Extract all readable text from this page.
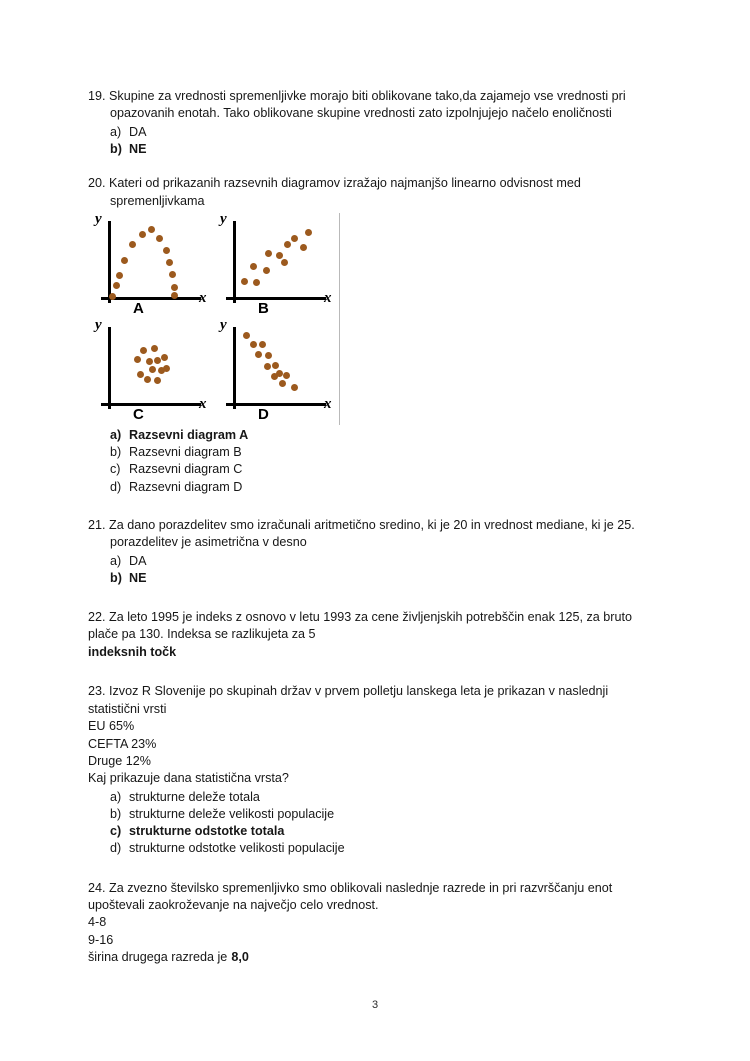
19. Skupine za vrednosti spremenljivke morajo biti oblikovane tako,da zajamejo vse vrednosti pri opazovanih enotah. Tako oblikovane skupine vrednosti zato izpolnjujejo načelo enoličnosti
a) DA
b) NE
20. Kateri od prikazanih razsevnih diagramov izražajo najmanjšo linearno odvisnost med spremenljivkama
y
x
A
y
x
B
y
x
C
y
x
D
a) Razsevni diagram A
b) Razsevni diagram B
c) Razsevni diagram C
d) Razsevni diagram D
21. Za dano porazdelitev smo izračunali aritmetično sredino, ki je 20 in vrednost mediane, ki je 25. porazdelitev je asimetrična v desno
a) DA
b) NE
22. Za leto 1995 je indeks z osnovo v letu 1993 za cene življenjskih potrebščin enak 125, za bruto plače pa 130. Indeksa se razlikujeta za 5
indeksnih točk
23. Izvoz R Slovenije po skupinah držav v prvem polletju lanskega leta je prikazan v naslednji statistični vrsti
EU 65%
CEFTA 23%
Druge 12%
Kaj prikazuje dana statistična vrsta?
a) strukturne deleže totala
b) strukturne deleže velikosti populacije
c) strukturne odstotke totala
d) strukturne odstotke velikosti populacije
24. Za zvezno številsko spremenljivko smo oblikovali naslednje razrede in pri razvrščanju enot upoštevali zaokroževanje na največjo celo vrednost.
4-8
9-16
širina drugega razreda je 8,0
3
